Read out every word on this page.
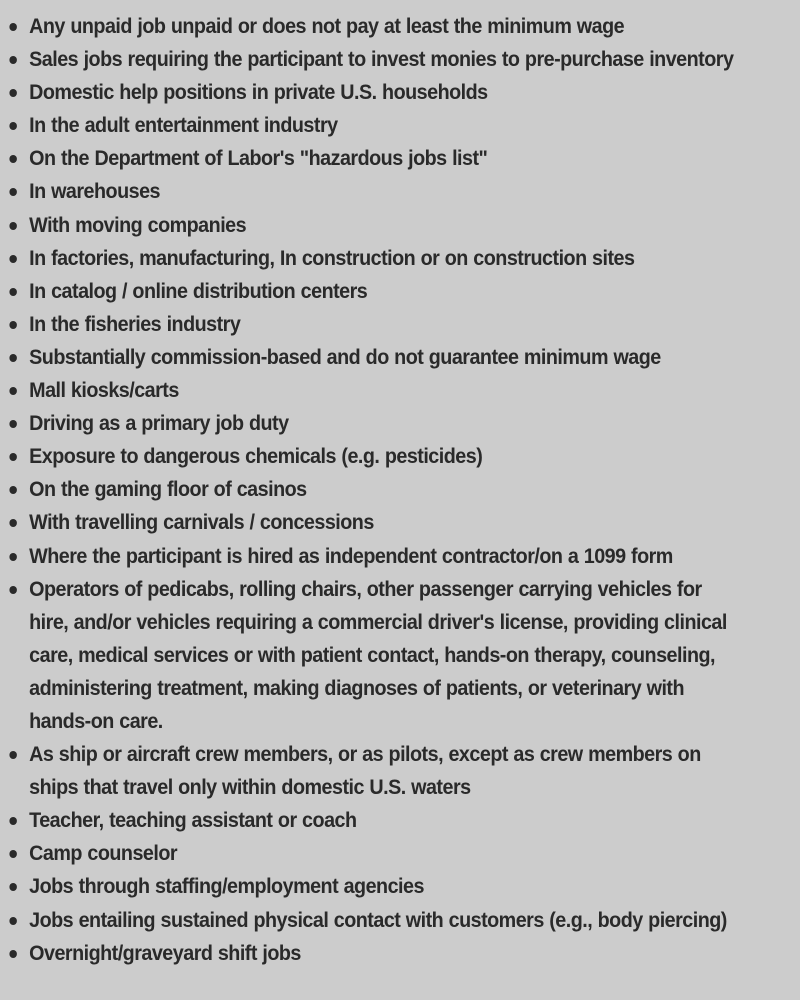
Any unpaid job unpaid or does not pay at least the minimum wage
Sales jobs requiring the participant to invest monies to pre-purchase inventory
Domestic help positions in private U.S. households
In the adult entertainment industry
On the Department of Labor's "hazardous jobs list"
In warehouses
With moving companies
In factories, manufacturing, In construction or on construction sites
In catalog / online distribution centers
In the fisheries industry
Substantially commission-based and do not guarantee minimum wage
Mall kiosks/carts
Driving as a primary job duty
Exposure to dangerous chemicals (e.g. pesticides)
On the gaming floor of casinos
With travelling carnivals / concessions
Where the participant is hired as independent contractor/on a 1099 form
Operators of pedicabs, rolling chairs, other passenger carrying vehicles for hire, and/or vehicles requiring a commercial driver's license, providing clinical care, medical services or with patient contact, hands-on therapy, counseling, administering treatment, making diagnoses of patients, or veterinary with hands-on care.
As ship or aircraft crew members, or as pilots, except as crew members on ships that travel only within domestic U.S. waters
Teacher, teaching assistant or coach
Camp counselor
Jobs through staffing/employment agencies
Jobs entailing sustained physical contact with customers (e.g., body piercing)
Overnight/graveyard shift jobs
